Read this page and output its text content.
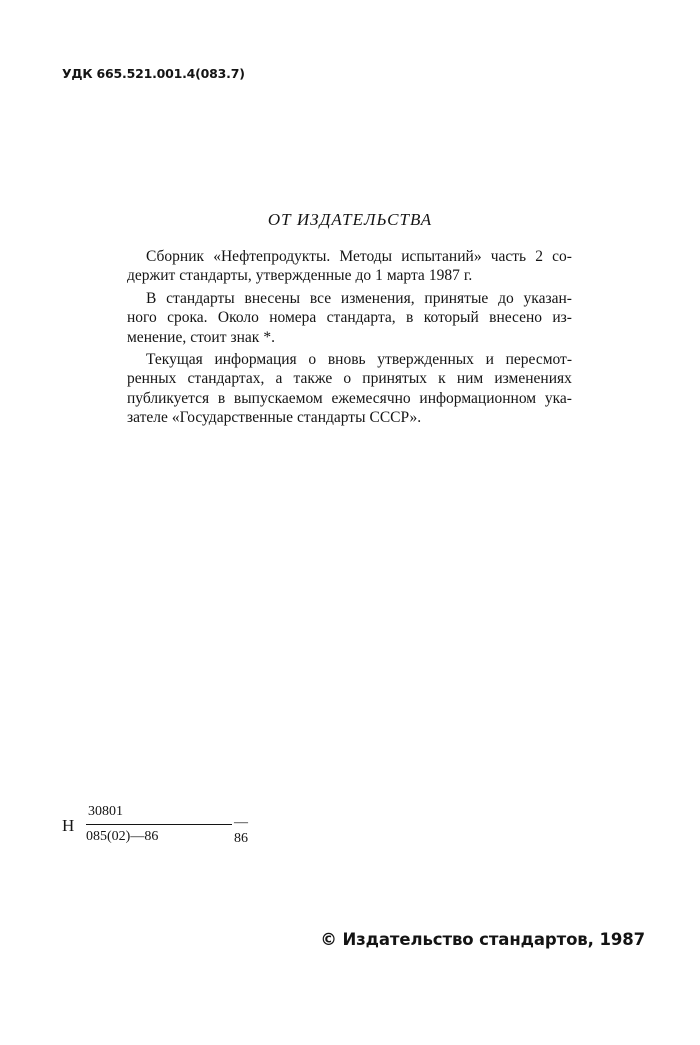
УДК 665.521.001.4(083.7)
ОТ ИЗДАТЕЛЬСТВА
Сборник «Нефтепродукты. Методы испытаний» часть 2 со-
держит стандарты, утвержденные до 1 марта 1987 г.
В стандарты внесены все изменения, принятые до указан-
ного срока. Около номера стандарта, в который внесено из-
менение, стоит знак *.
Текущая информация о вновь утвержденных и пересмот-
ренных стандартах, а также о принятых к ним изменениях
публикуется в выпускаемом ежемесячно информационном ука-
зателе «Государственные стандарты СССР».
Н
30801
085(02)—86
—86
© Издательство стандартов, 1987
